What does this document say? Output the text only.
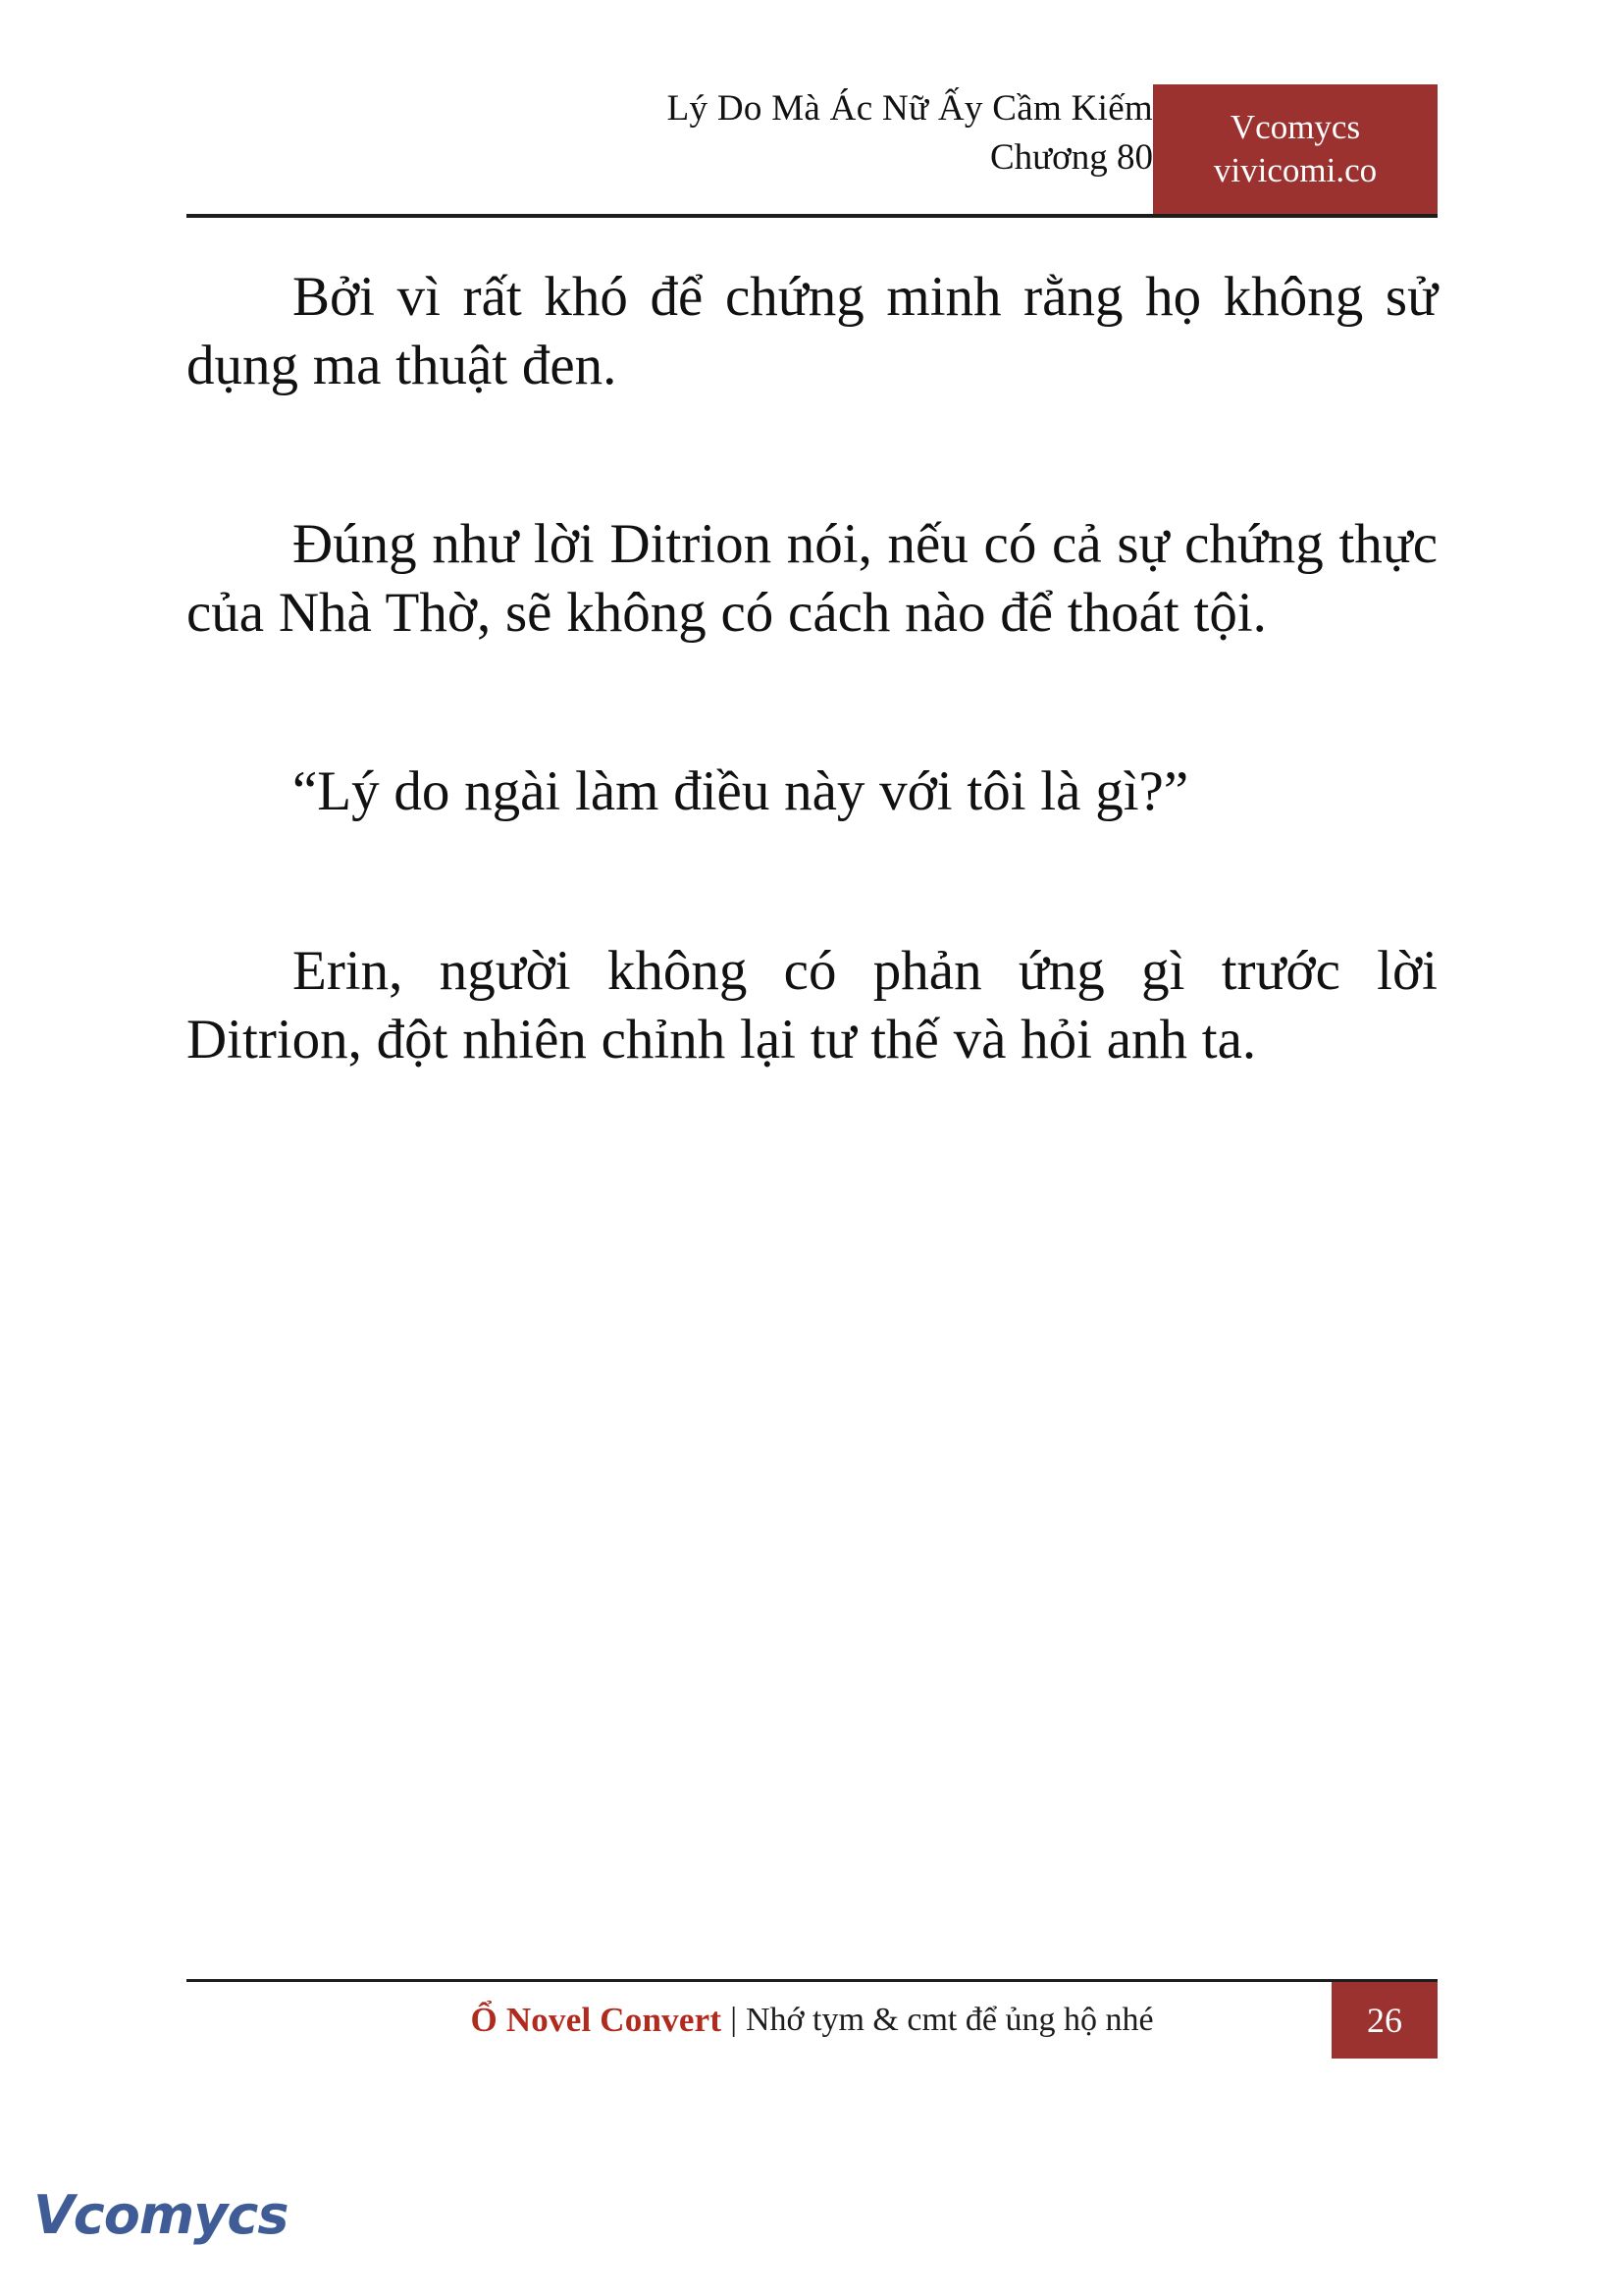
Lý Do Mà Ác Nữ Ấy Cầm Kiếm
Chương 80
Vcomycs
vivicomi.co

Bởi vì rất khó để chứng minh rằng họ không sử dụng ma thuật đen.

Đúng như lời Ditrion nói, nếu có cả sự chứng thực của Nhà Thờ, sẽ không có cách nào để thoát tội.

“Lý do ngài làm điều này với tôi là gì?”

Erin, người không có phản ứng gì trước lời Ditrion, đột nhiên chỉnh lại tư thế và hỏi anh ta.

Ổ Novel Convert | Nhớ tym & cmt để ủng hộ nhé	26
Vcomycs
